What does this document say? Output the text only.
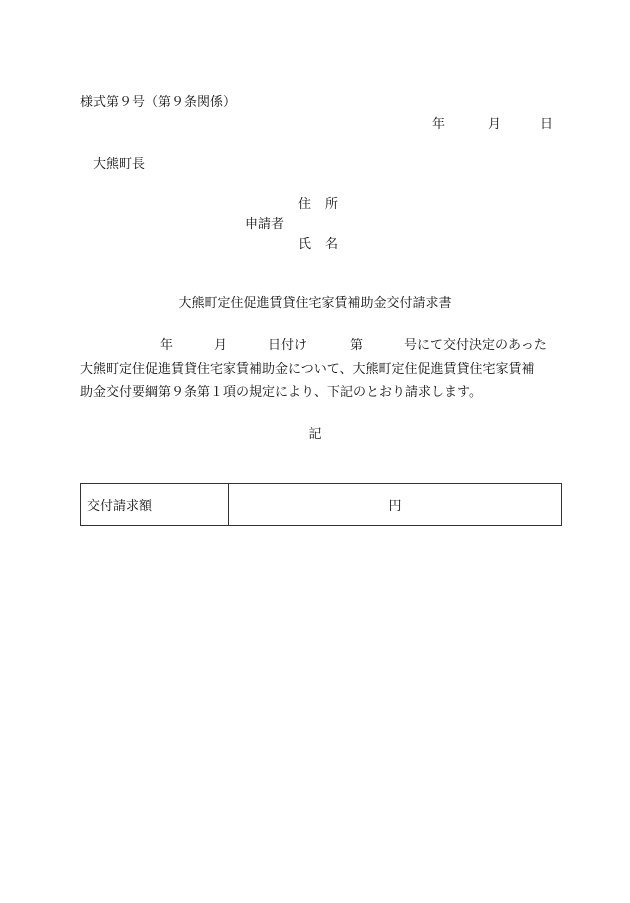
様式第９号（第９条関係）
年	月	日
大熊町長
住所
申請者
氏名
大熊町定住促進賃貸住宅家賃補助金交付請求書
年	月	日付け	第	号にて交付決定のあった
大熊町定住促進賃貸住宅家賃補助金について、大熊町定住促進賃貸住宅家賃補
助金交付要綱第９条第１項の規定により、下記のとおり請求します。
記
交付請求額	円
